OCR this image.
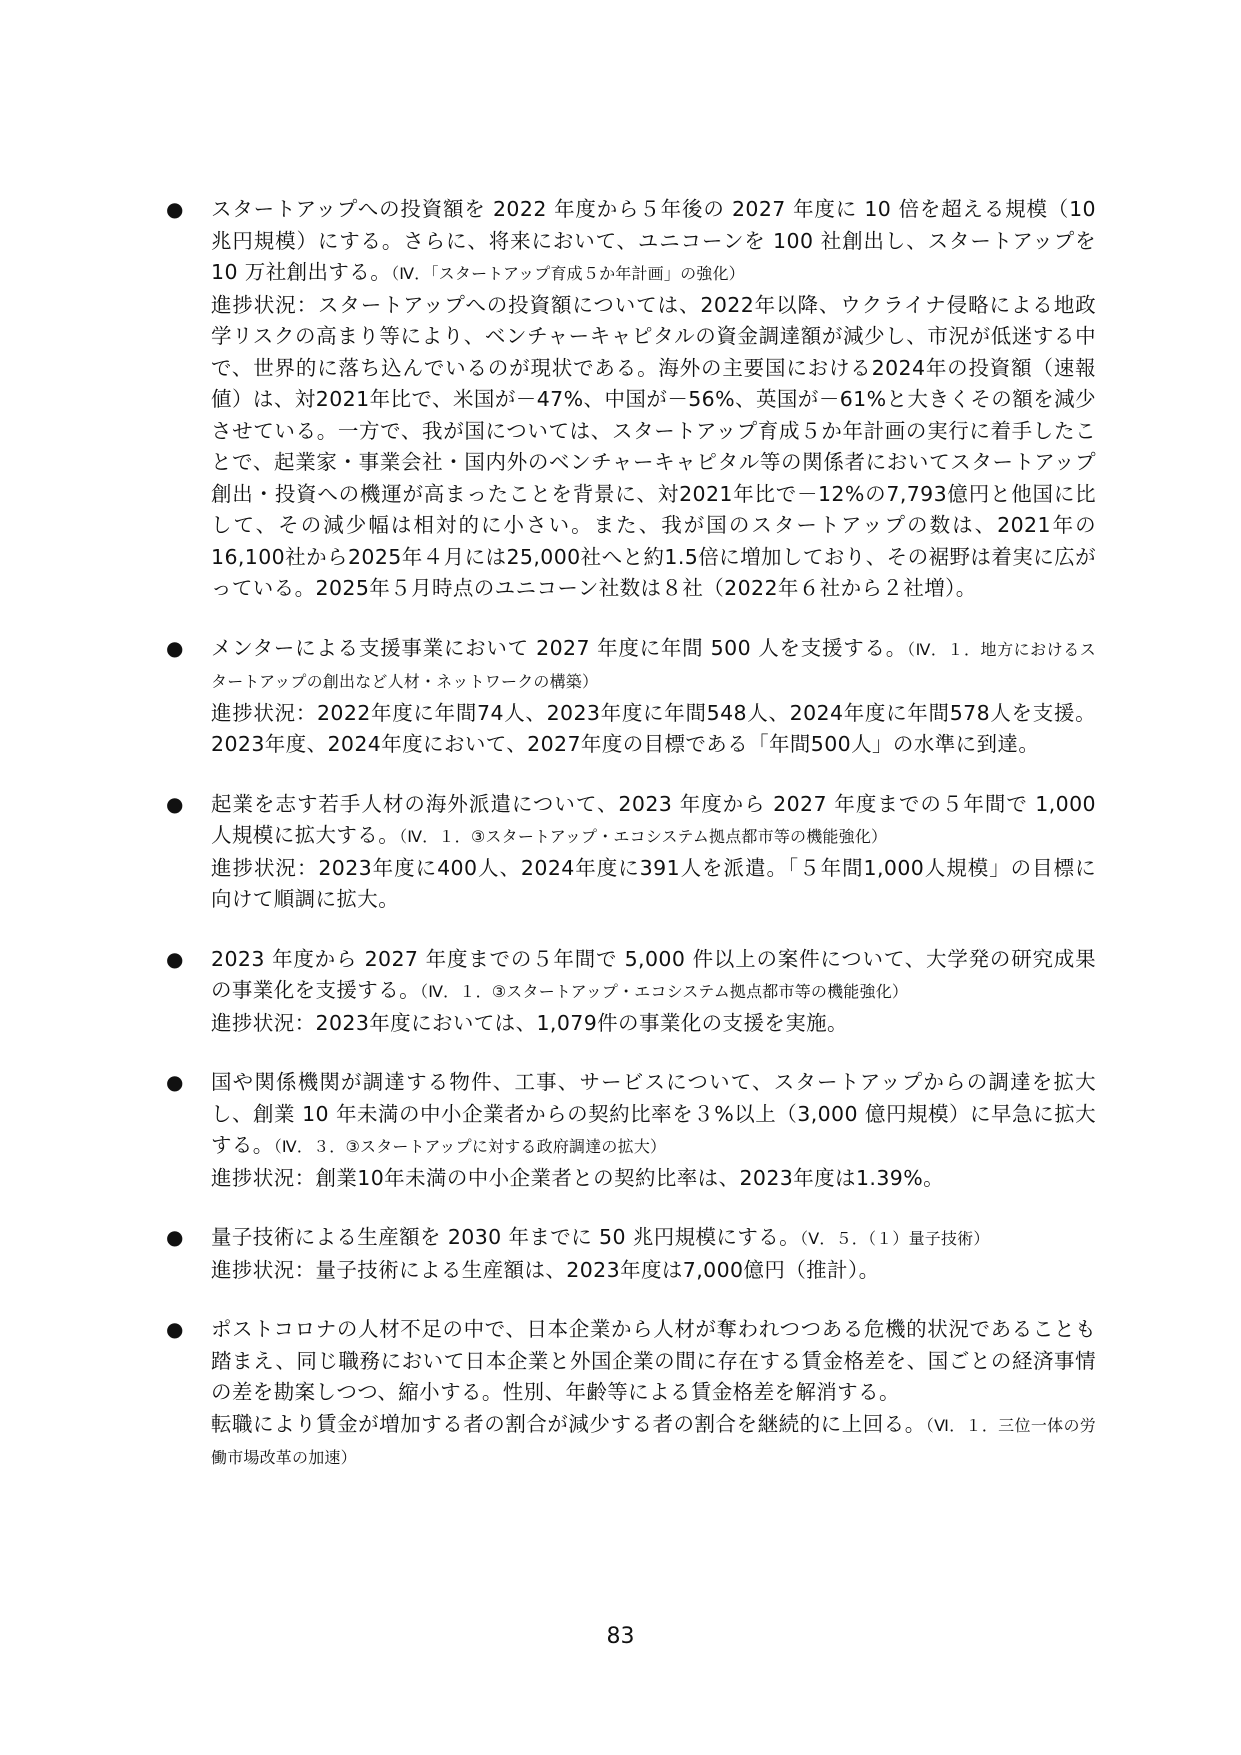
● スタートアップへの投資額を 2022 年度から５年後の 2027 年度に 10 倍を超える規模（10 兆円規模）にする。さらに、将来において、ユニコーンを 100 社創出し、スタートアップを 10 万社創出する。（Ⅳ．「スタートアップ育成５か年計画」の強化）
進捗状況：スタートアップへの投資額については、2022年以降、ウクライナ侵略による地政学リスクの高まり等により、ベンチャーキャピタルの資金調達額が減少し、市況が低迷する中で、世界的に落ち込んでいるのが現状である。海外の主要国における2024年の投資額（速報値）は、対2021年比で、米国が－47%、中国が－56%、英国が－61%と大きくその額を減少させている。一方で、我が国については、スタートアップ育成５か年計画の実行に着手したことで、起業家・事業会社・国内外のベンチャーキャピタル等の関係者においてスタートアップ創出・投資への機運が高まったことを背景に、対2021年比で－12%の7,793億円と他国に比して、その減少幅は相対的に小さい。また、我が国のスタートアップの数は、2021年の16,100社から2025年４月には25,000社へと約1.5倍に増加しており、その裾野は着実に広がっている。2025年５月時点のユニコーン社数は８社（2022年６社から２社増）。
● メンターによる支援事業において 2027 年度に年間 500 人を支援する。（Ⅳ．１．地方におけるスタートアップの創出など人材・ネットワークの構築）
進捗状況：2022年度に年間74人、2023年度に年間548人、2024年度に年間578人を支援。2023年度、2024年度において、2027年度の目標である「年間500人」の水準に到達。
● 起業を志す若手人材の海外派遣について、2023 年度から 2027 年度までの５年間で 1,000 人規模に拡大する。（Ⅳ．１．③スタートアップ・エコシステム拠点都市等の機能強化）
進捗状況：2023年度に400人、2024年度に391人を派遣。「５年間1,000人規模」の目標に向けて順調に拡大。
● 2023 年度から 2027 年度までの５年間で 5,000 件以上の案件について、大学発の研究成果の事業化を支援する。（Ⅳ．１．③スタートアップ・エコシステム拠点都市等の機能強化）
進捗状況：2023年度においては、1,079件の事業化の支援を実施。
● 国や関係機関が調達する物件、工事、サービスについて、スタートアップからの調達を拡大し、創業 10 年未満の中小企業者からの契約比率を３%以上（3,000 億円規模）に早急に拡大する。（Ⅳ．３．③スタートアップに対する政府調達の拡大）
進捗状況：創業10年未満の中小企業者との契約比率は、2023年度は1.39%。
● 量子技術による生産額を 2030 年までに 50 兆円規模にする。（Ⅴ．５．（１）量子技術）
進捗状況：量子技術による生産額は、2023年度は7,000億円（推計）。
● ポストコロナの人材不足の中で、日本企業から人材が奪われつつある危機的状況であることも踏まえ、同じ職務において日本企業と外国企業の間に存在する賃金格差を、国ごとの経済事情の差を勘案しつつ、縮小する。性別、年齢等による賃金格差を解消する。
転職により賃金が増加する者の割合が減少する者の割合を継続的に上回る。（Ⅵ．１．三位一体の労働市場改革の加速）
83
